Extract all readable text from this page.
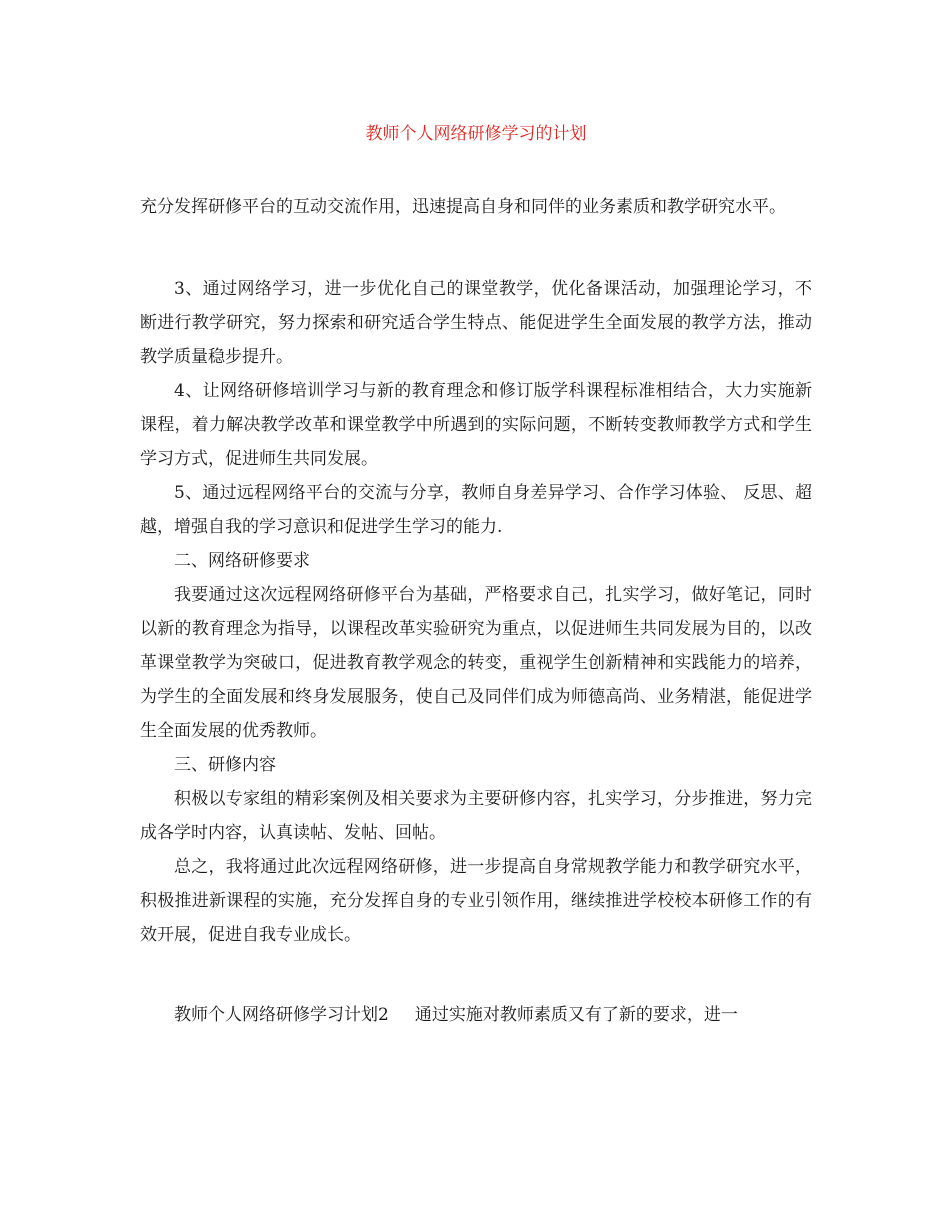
教师个人网络研修学习的计划

充分发挥研修平台的互动交流作用，迅速提高自身和同伴的业务素质和教学研究水平。

3、通过网络学习，进一步优化自己的课堂教学，优化备课活动，加强理论学习，不断进行教学研究，努力探索和研究适合学生特点、能促进学生全面发展的教学方法，推动教学质量稳步提升。

4、让网络研修培训学习与新的教育理念和修订版学科课程标准相结合，大力实施新课程，着力解决教学改革和课堂教学中所遇到的实际问题，不断转变教师教学方式和学生学习方式，促进师生共同发展。

5、通过远程网络平台的交流与分享，教师自身差异学习、合作学习体验、 反思、超越，增强自我的学习意识和促进学生学习的能力.

二、网络研修要求

我要通过这次远程网络研修平台为基础，严格要求自己，扎实学习，做好笔记，同时以新的教育理念为指导，以课程改革实验研究为重点，以促进师生共同发展为目的，以改革课堂教学为突破口，促进教育教学观念的转变，重视学生创新精神和实践能力的培养，为学生的全面发展和终身发展服务，使自己及同伴们成为师德高尚、业务精湛，能促进学生全面发展的优秀教师。

三、研修内容

积极以专家组的精彩案例及相关要求为主要研修内容，扎实学习，分步推进，努力完成各学时内容，认真读帖、发帖、回帖。

总之，我将通过此次远程网络研修，进一步提高自身常规教学能力和教学研究水平，积极推进新课程的实施，充分发挥自身的专业引领作用，继续推进学校校本研修工作的有效开展，促进自我专业成长。

教师个人网络研修学习计划2 通过实施对教师素质又有了新的要求，进一
